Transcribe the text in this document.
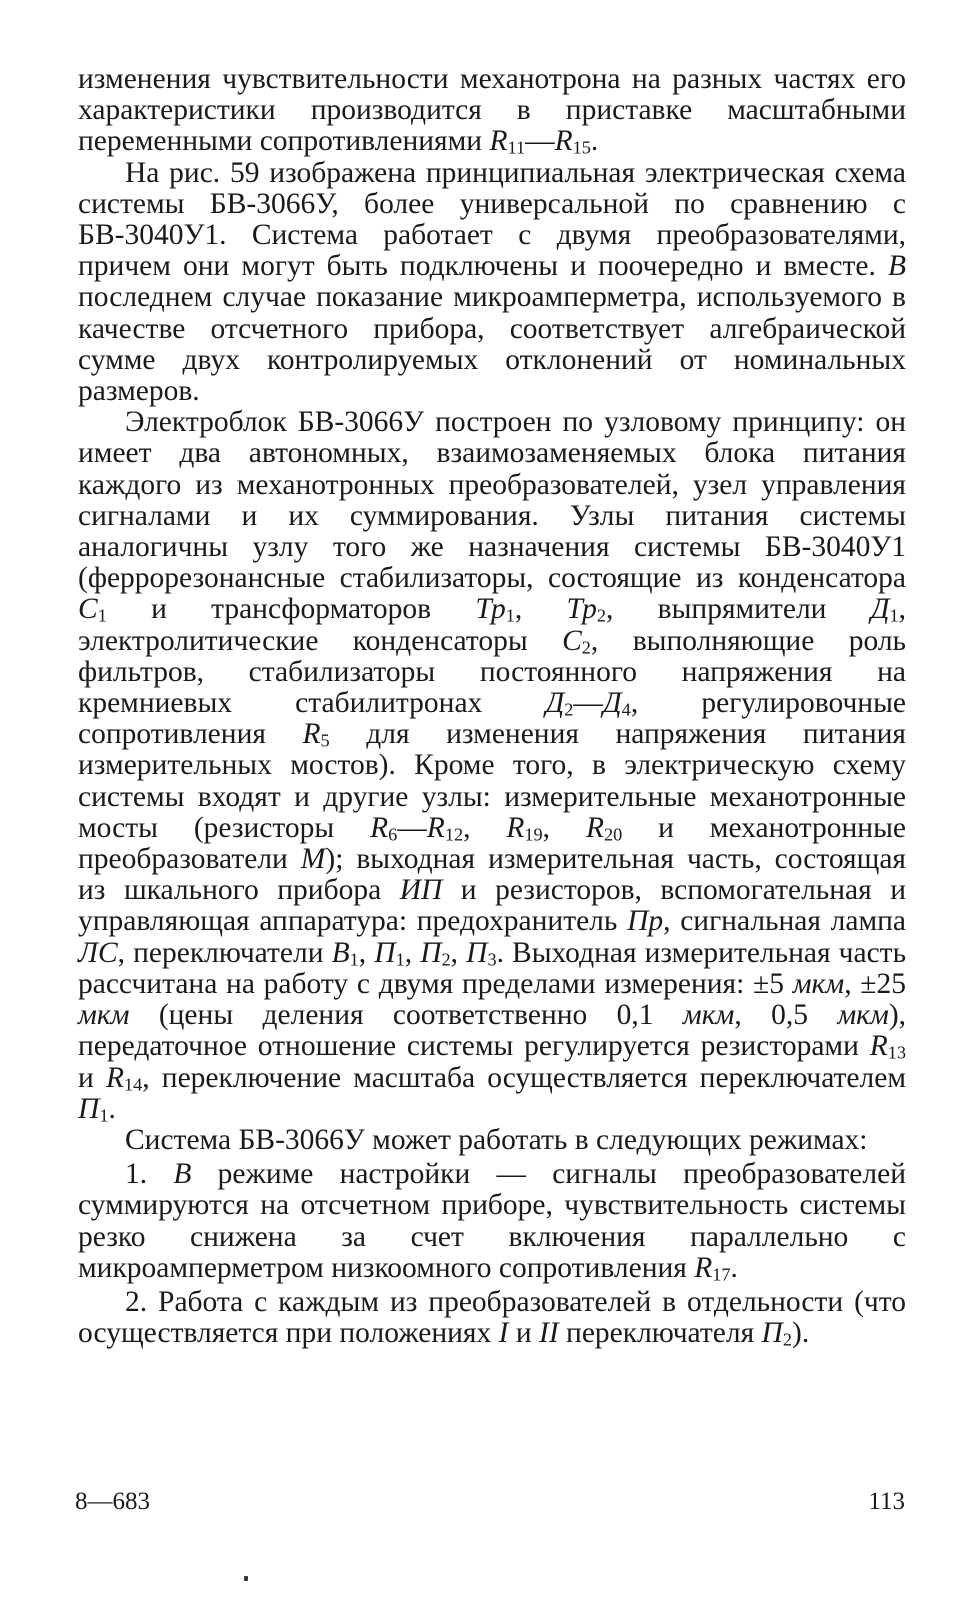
изменения чувствительности механотрона на разных частях его характеристики производится в приставке масштабными переменными сопротивлениями $R_{11}—R_{15}$.

На рис. 59 изображена принципиальная электрическая схема системы БВ-3066У, более универсальной по сравнению с БВ-3040У1. Система работает с двумя преобразователями, причем они могут быть подключены и поочередно и вместе. В последнем случае показание микроамперметра, используемого в качестве отсчетного прибора, соответствует алгебраической сумме двух контролируемых отклонений от номинальных размеров.

Электроблок БВ-3066У построен по узловому принципу: он имеет два автономных, взаимозаменяемых блока питания каждого из механотронных преобразователей, узел управления сигналами и их суммирования. Узлы питания системы аналогичны узлу того же назначения системы БВ-3040У1 (феррорезонансные стабилизаторы, состоящие из конденсатора $С_1$ и трансформаторов $Тр_1$, $Тр_2$, выпрямители $Д_1$, электролитические конденсаторы $С_2$, выполняющие роль фильтров, стабилизаторы постоянного напряжения на кремниевых стабилитронах $Д_2—Д_4$, регулировочные сопротивления $R_5$ для изменения напряжения питания измерительных мостов). Кроме того, в электрическую схему системы входят и другие узлы: измерительные механотронные мосты (резисторы $R_6—R_{12}$, $R_{19}$, $R_{20}$ и механотронные преобразователи М); выходная измерительная часть, состоящая из шкального прибора ИП и резисторов, вспомогательная и управляющая аппаратура: предохранитель Пр, сигнальная лампа ЛС, переключатели $В_1$, $П_1$, $П_2$, $П_3$. Выходная измерительная часть рассчитана на работу с двумя пределами измерения: ±5 мкм, ±25 мкм (цены деления соответственно 0,1 мкм, 0,5 мкм), передаточное отношение системы регулируется резисторами $R_{13}$ и $R_{14}$, переключение масштаба осуществляется переключателем $П_1$.

Система БВ-3066У может работать в следующих режимах:

1. В режиме настройки — сигналы преобразователей суммируются на отсчетном приборе, чувствительность системы резко снижена за счет включения параллельно с микроамперметром низкоомного сопротивления $R_{17}$.

2. Работа с каждым из преобразователей в отдельности (что осуществляется при положениях I и II переключателя $П_2$).

8—683	113
